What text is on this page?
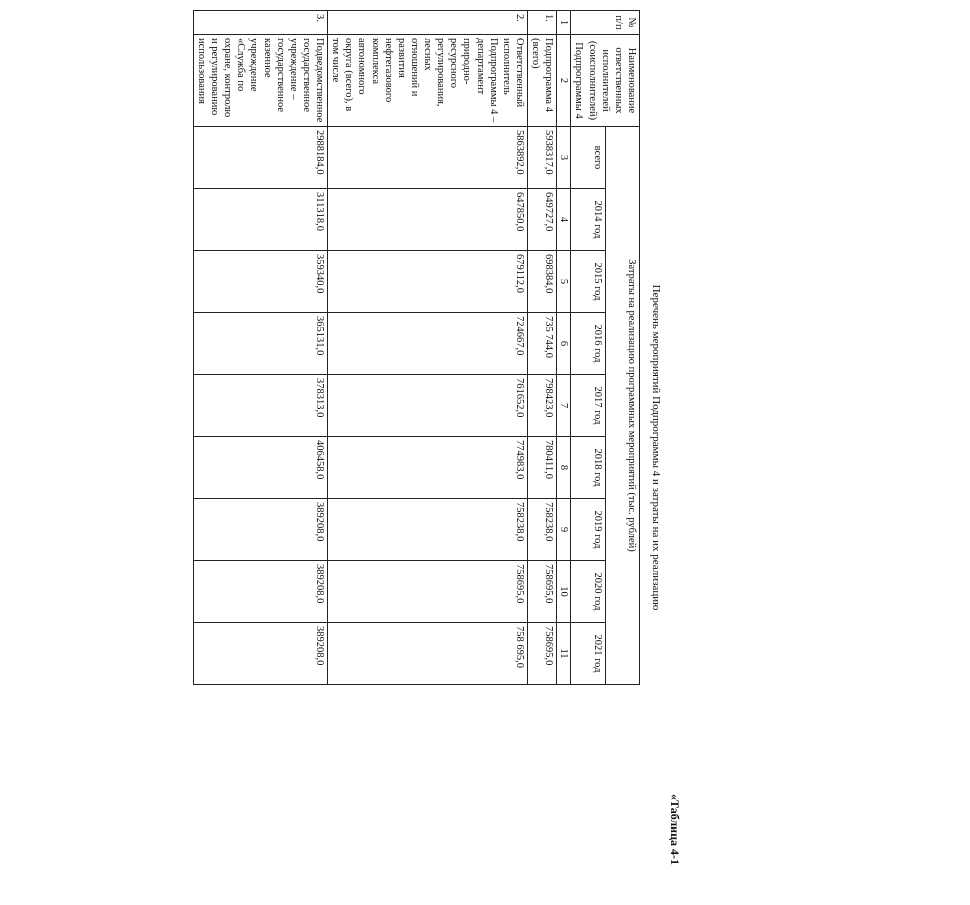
«Таблица 4-1
Перечень мероприятий Подпрограммы 4 и затраты на их реализацию
№ п/п	Наименование ответственных исполнителей (соисполнителей) Подпрограммы 4	Затраты на реализацию программных мероприятий (тыс. рублей)								
		всего	2014 год	2015 год	2016 год	2017 год	2018 год	2019 год	2020 год	2021 год
1	2	3	4	5	6	7	8	9	10	11
1.	Подпрограмма 4 (всего)	5938317,0	649727,0	698384,0	735 744,0	798423,0	780411,0	758238,0	758695,0	758695,0
2.	Ответственный исполнитель Подпрограммы 4 – департамент природно-ресурсного регулирования, лесных отношений и развития нефтегазового комплекса автономного округа (всего), в том числе	5863892,0	647850,0	679112,0	724667,0	761652,0	774983,0	758238,0	758695,0	758 695,0
3.	Подведомственное государственное учреждение – государственное казенное учреждение «Служба по охране, контролю и регулированию использования	2988184,0	311318,0	359340,0	365131,0	378313,0	406458,0	389208,0	389208,0	389208,0
